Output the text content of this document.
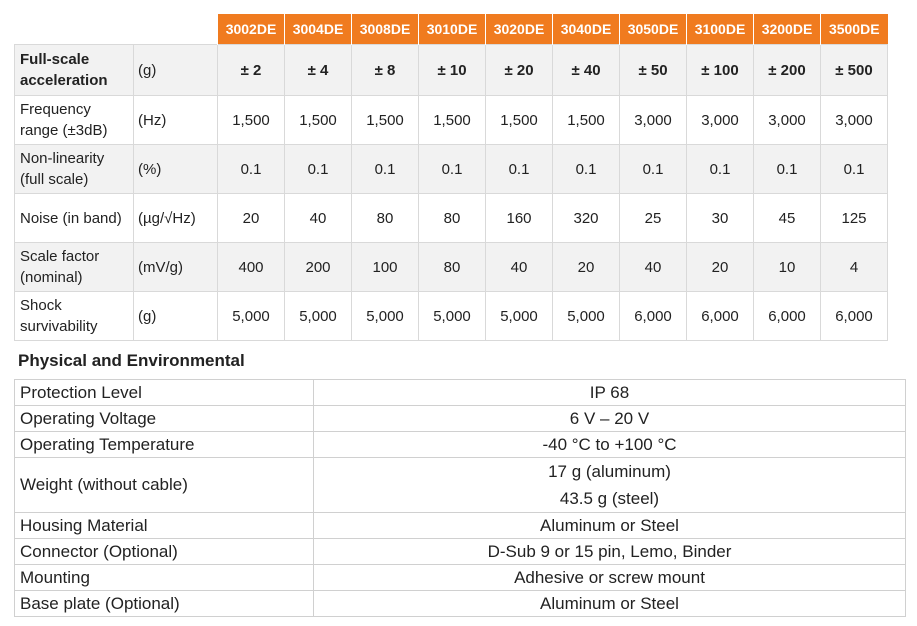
		3002DE	3004DE	3008DE	3010DE	3020DE	3040DE	3050DE	3100DE	3200DE	3500DE
Full-scale acceleration	(g)	± 2	± 4	± 8	± 10	± 20	± 40	± 50	± 100	± 200	± 500
Frequency range (±3dB)	(Hz)	1,500	1,500	1,500	1,500	1,500	1,500	3,000	3,000	3,000	3,000
Non-linearity (full scale)	(%)	0.1	0.1	0.1	0.1	0.1	0.1	0.1	0.1	0.1	0.1
Noise (in band)	(µg/√Hz)	20	40	80	80	160	320	25	30	45	125
Scale factor (nominal)	(mV/g)	400	200	100	80	40	20	40	20	10	4
Shock survivability	(g)	5,000	5,000	5,000	5,000	5,000	5,000	6,000	6,000	6,000	6,000
Physical and Environmental
Protection Level	IP 68
Operating Voltage	6 V – 20 V
Operating Temperature	-40 °C to +100 °C
Weight (without cable)	17 g (aluminum)
43.5 g (steel)

Housing Material	Aluminum or Steel
Connector (Optional)	D-Sub 9 or 15 pin, Lemo, Binder
Mounting	Adhesive or screw mount
Base plate (Optional)	Aluminum or Steel
